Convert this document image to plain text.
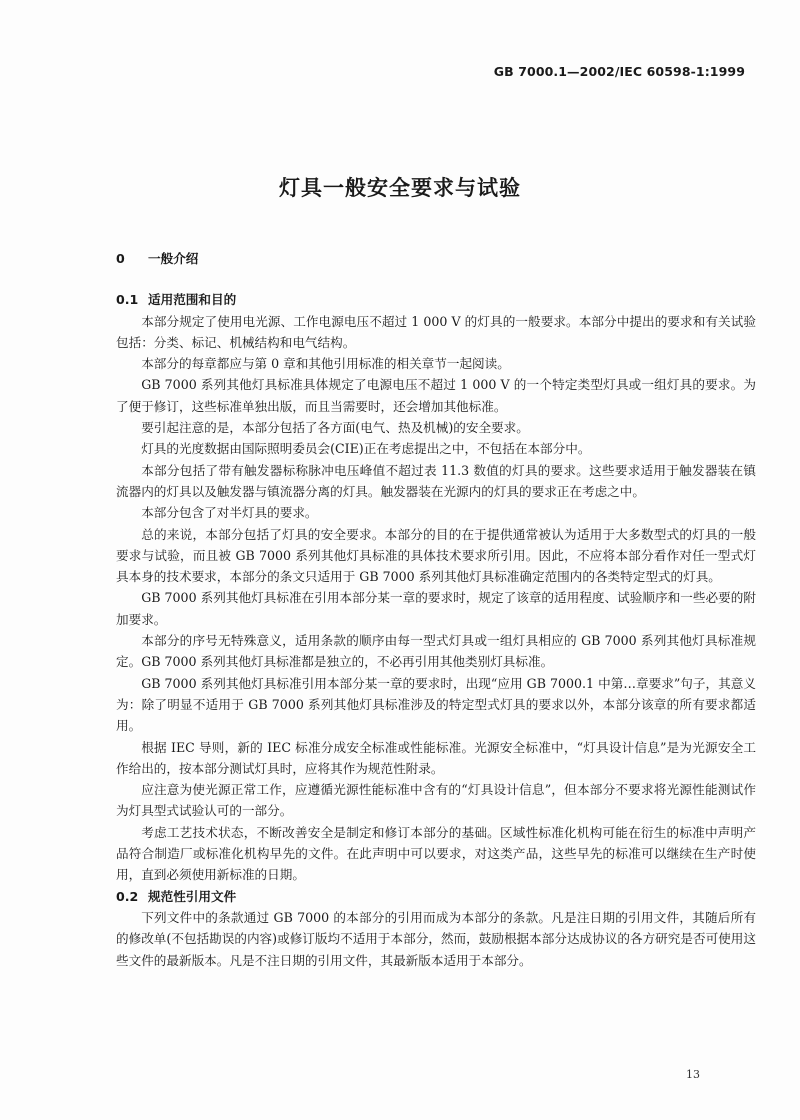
GB 7000.1—2002/IEC 60598-1:1999
灯具一般安全要求与试验
0 一般介绍
0.1 适用范围和目的

本部分规定了使用电光源、工作电源电压不超过 1 000 V 的灯具的一般要求。本部分中提出的要求和有关试验包括：分类、标记、机械结构和电气结构。

本部分的每章都应与第 0 章和其他引用标准的相关章节一起阅读。

GB 7000 系列其他灯具标准具体规定了电源电压不超过 1 000 V 的一个特定类型灯具或一组灯具的要求。为了便于修订，这些标准单独出版，而且当需要时，还会增加其他标准。

要引起注意的是，本部分包括了各方面(电气、热及机械)的安全要求。

灯具的光度数据由国际照明委员会(CIE)正在考虑提出之中，不包括在本部分中。

本部分包括了带有触发器标称脉冲电压峰值不超过表 11.3 数值的灯具的要求。这些要求适用于触发器装在镇流器内的灯具以及触发器与镇流器分离的灯具。触发器装在光源内的灯具的要求正在考虑之中。

本部分包含了对半灯具的要求。

总的来说，本部分包括了灯具的安全要求。本部分的目的在于提供通常被认为适用于大多数型式的灯具的一般要求与试验，而且被 GB 7000 系列其他灯具标准的具体技术要求所引用。因此，不应将本部分看作对任一型式灯具本身的技术要求，本部分的条文只适用于 GB 7000 系列其他灯具标准确定范围内的各类特定型式的灯具。

GB 7000 系列其他灯具标准在引用本部分某一章的要求时，规定了该章的适用程度、试验顺序和一些必要的附加要求。

本部分的序号无特殊意义，适用条款的顺序由每一型式灯具或一组灯具相应的 GB 7000 系列其他灯具标准规定。GB 7000 系列其他灯具标准都是独立的，不必再引用其他类别灯具标准。

GB 7000 系列其他灯具标准引用本部分某一章的要求时，出现“应用 GB 7000.1 中第…章要求”句子，其意义为：除了明显不适用于 GB 7000 系列其他灯具标准涉及的特定型式灯具的要求以外，本部分该章的所有要求都适用。

根据 IEC 导则，新的 IEC 标准分成安全标准或性能标准。光源安全标准中，“灯具设计信息”是为光源安全工作给出的，按本部分测试灯具时，应将其作为规范性附录。

应注意为使光源正常工作，应遵循光源性能标准中含有的“灯具设计信息”，但本部分不要求将光源性能测试作为灯具型式试验认可的一部分。

考虑工艺技术状态，不断改善安全是制定和修订本部分的基础。区域性标准化机构可能在衍生的标准中声明产品符合制造厂或标准化机构早先的文件。在此声明中可以要求，对这类产品，这些早先的标准可以继续在生产时使用，直到必须使用新标准的日期。

0.2 规范性引用文件

下列文件中的条款通过 GB 7000 的本部分的引用而成为本部分的条款。凡是注日期的引用文件，其随后所有的修改单(不包括勘误的内容)或修订版均不适用于本部分，然而，鼓励根据本部分达成协议的各方研究是否可使用这些文件的最新版本。凡是不注日期的引用文件，其最新版本适用于本部分。

13
